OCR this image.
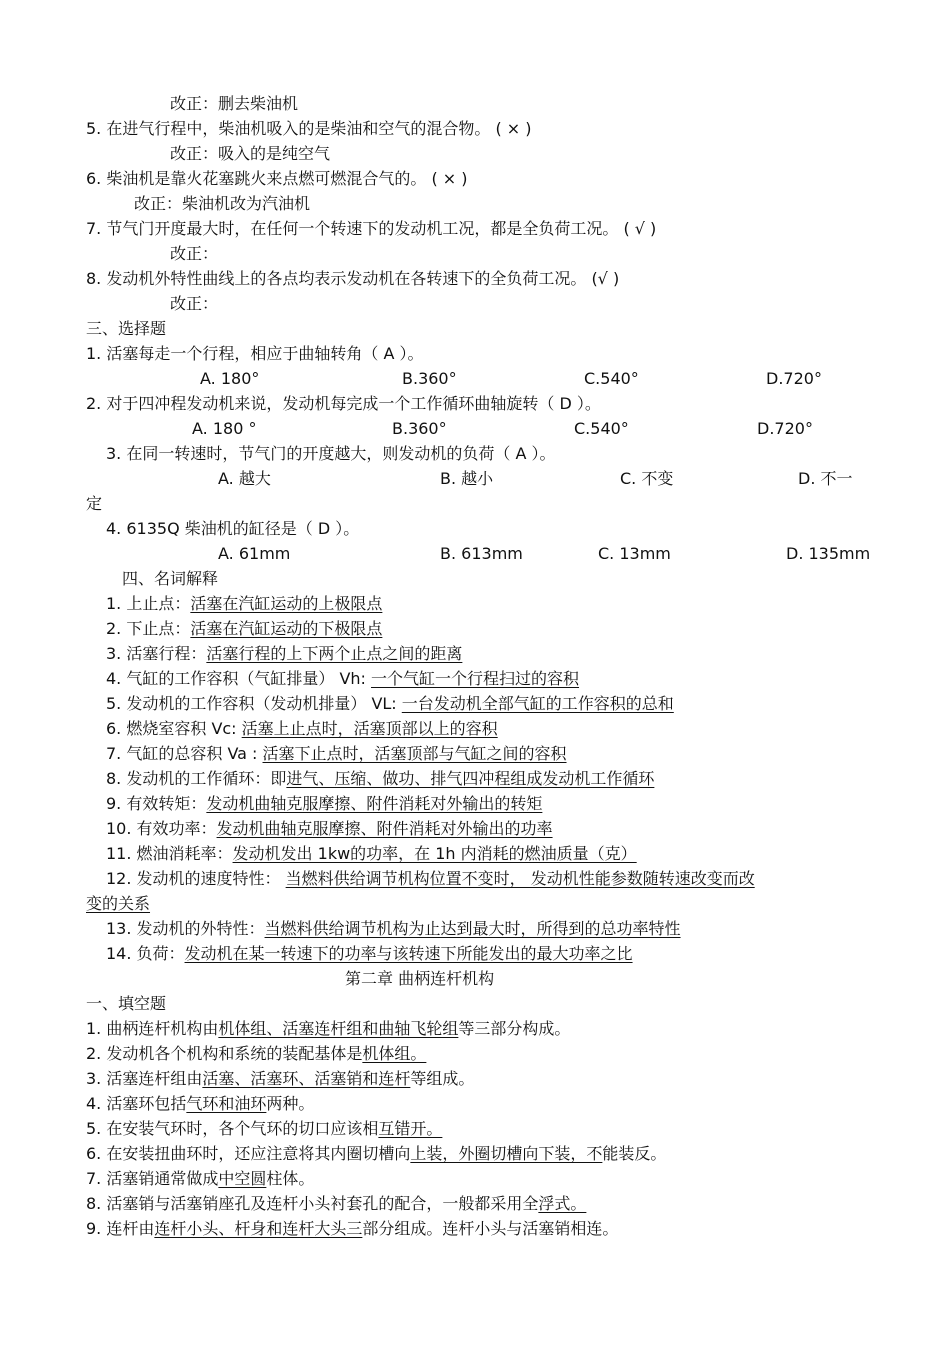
改正：删去柴油机
5. 在进气行程中，柴油机吸入的是柴油和空气的混合物。 ( × )
改正：吸入的是纯空气
6. 柴油机是靠火花塞跳火来点燃可燃混合气的。 ( × )
改正：柴油机改为汽油机
7. 节气门开度最大时，在任何一个转速下的发动机工况，都是全负荷工况。 ( √ )
改正：
8. 发动机外特性曲线上的各点均表示发动机在各转速下的全负荷工况。 (√ )
改正：
三、选择题
1. 活塞每走一个行程，相应于曲轴转角（ A ）。
A. 180°	B.360°	C.540°	D.720°
2. 对于四冲程发动机来说，发动机每完成一个工作循环曲轴旋转（ D ）。
A. 180 °	B.360°	C.540°	D.720°
3. 在同一转速时，节气门的开度越大，则发动机的负荷（ A ）。
A. 越大	B. 越小	C. 不变	D. 不一
定
4. 6135Q 柴油机的缸径是（ D ）。
A. 61mm	B. 613mm	C. 13mm	D. 135mm
四、名词解释
1. 上止点：活塞在汽缸运动的上极限点
2. 下止点：活塞在汽缸运动的下极限点
3. 活塞行程：活塞行程的上下两个止点之间的距离
4. 气缸的工作容积（气缸排量） Vh: 一个气缸一个行程扫过的容积
5. 发动机的工作容积（发动机排量） VL: 一台发动机全部气缸的工作容积的总和
6. 燃烧室容积 Vc: 活塞上止点时，活塞顶部以上的容积
7. 气缸的总容积 Va : 活塞下止点时，活塞顶部与气缸之间的容积
8. 发动机的工作循环：即进气、压缩、做功、排气四冲程组成发动机工作循环
9. 有效转矩：发动机曲轴克服摩擦、附件消耗对外输出的转矩
10. 有效功率：发动机曲轴克服摩擦、附件消耗对外输出的功率
11. 燃油消耗率：发动机发出 1kw的功率，在 1h 内消耗的燃油质量（克）
12. 发动机的速度特性： 当燃料供给调节机构位置不变时， 发动机性能参数随转速改变而改
变的关系
13. 发动机的外特性：当燃料供给调节机构为止达到最大时，所得到的总功率特性
14. 负荷：发动机在某一转速下的功率与该转速下所能发出的最大功率之比
第二章 曲柄连杆机构
一、填空题
1. 曲柄连杆机构由机体组、活塞连杆组和曲轴飞轮组等三部分构成。
2. 发动机各个机构和系统的装配基体是机体组。
3. 活塞连杆组由活塞、活塞环、活塞销和连杆等组成。
4. 活塞环包括气环和油环两种。
5. 在安装气环时，各个气环的切口应该相互错开。
6. 在安装扭曲环时，还应注意将其内圈切槽向上装，外圈切槽向下装，不能装反。
7. 活塞销通常做成中空圆柱体。
8. 活塞销与活塞销座孔及连杆小头衬套孔的配合，一般都采用全浮式。
9. 连杆由连杆小头、杆身和连杆大头三部分组成。连杆小头与活塞销相连。
